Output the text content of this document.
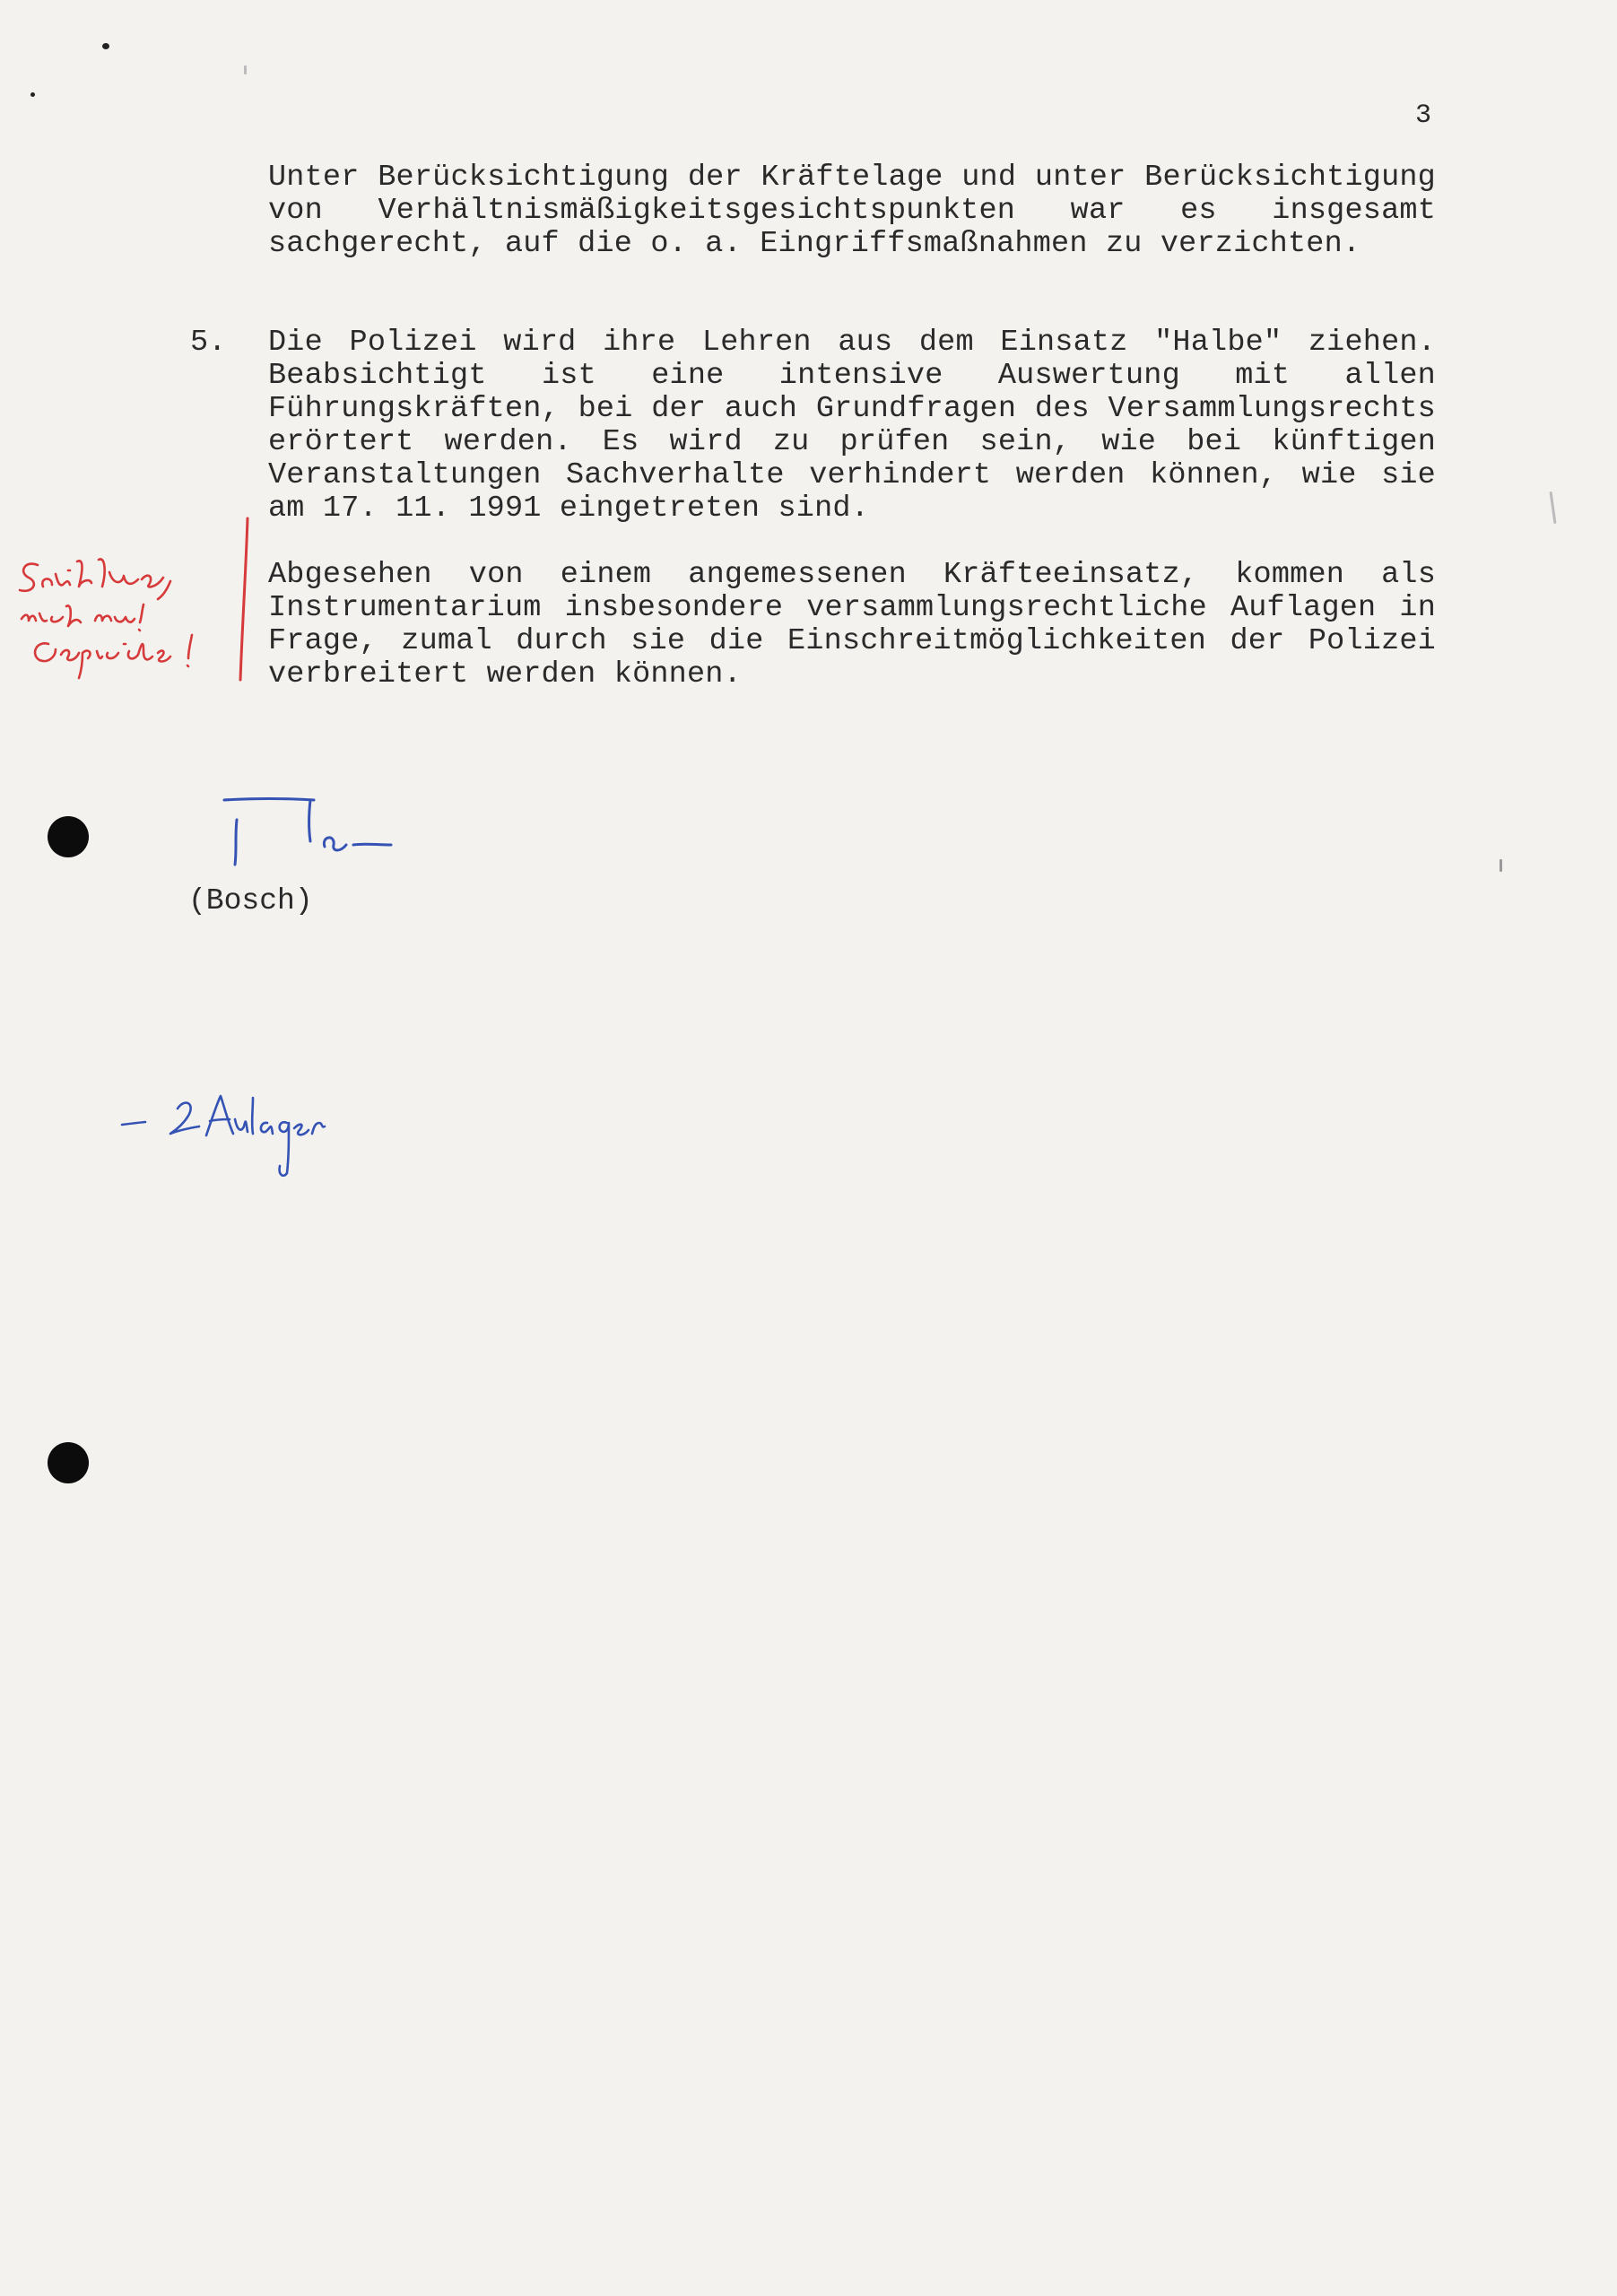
3
Unter Berücksichtigung der Kräftelage und unter Berücksichtigung von Verhältnismäßigkeitsgesichtspunkten war es insgesamt sachgerecht, auf die o. a. Eingriffsmaßnahmen zu verzichten.
5. Die Polizei wird ihre Lehren aus dem Einsatz "Halbe" ziehen. Beabsichtigt ist eine intensive Auswertung mit allen Führungskräften, bei der auch Grundfragen des Versammlungsrechts erörtert werden. Es wird zu prüfen sein, wie bei künftigen Veranstaltungen Sachverhalte verhindert werden können, wie sie am 17. 11. 1991 eingetreten sind.
Abgesehen von einem angemessenen Kräfteeinsatz, kommen als Instrumentarium insbesondere versammlungsrechtliche Auflagen in Frage, zumal durch sie die Einschreitmöglichkeiten der Polizei verbreitert werden können.
(Bosch)
